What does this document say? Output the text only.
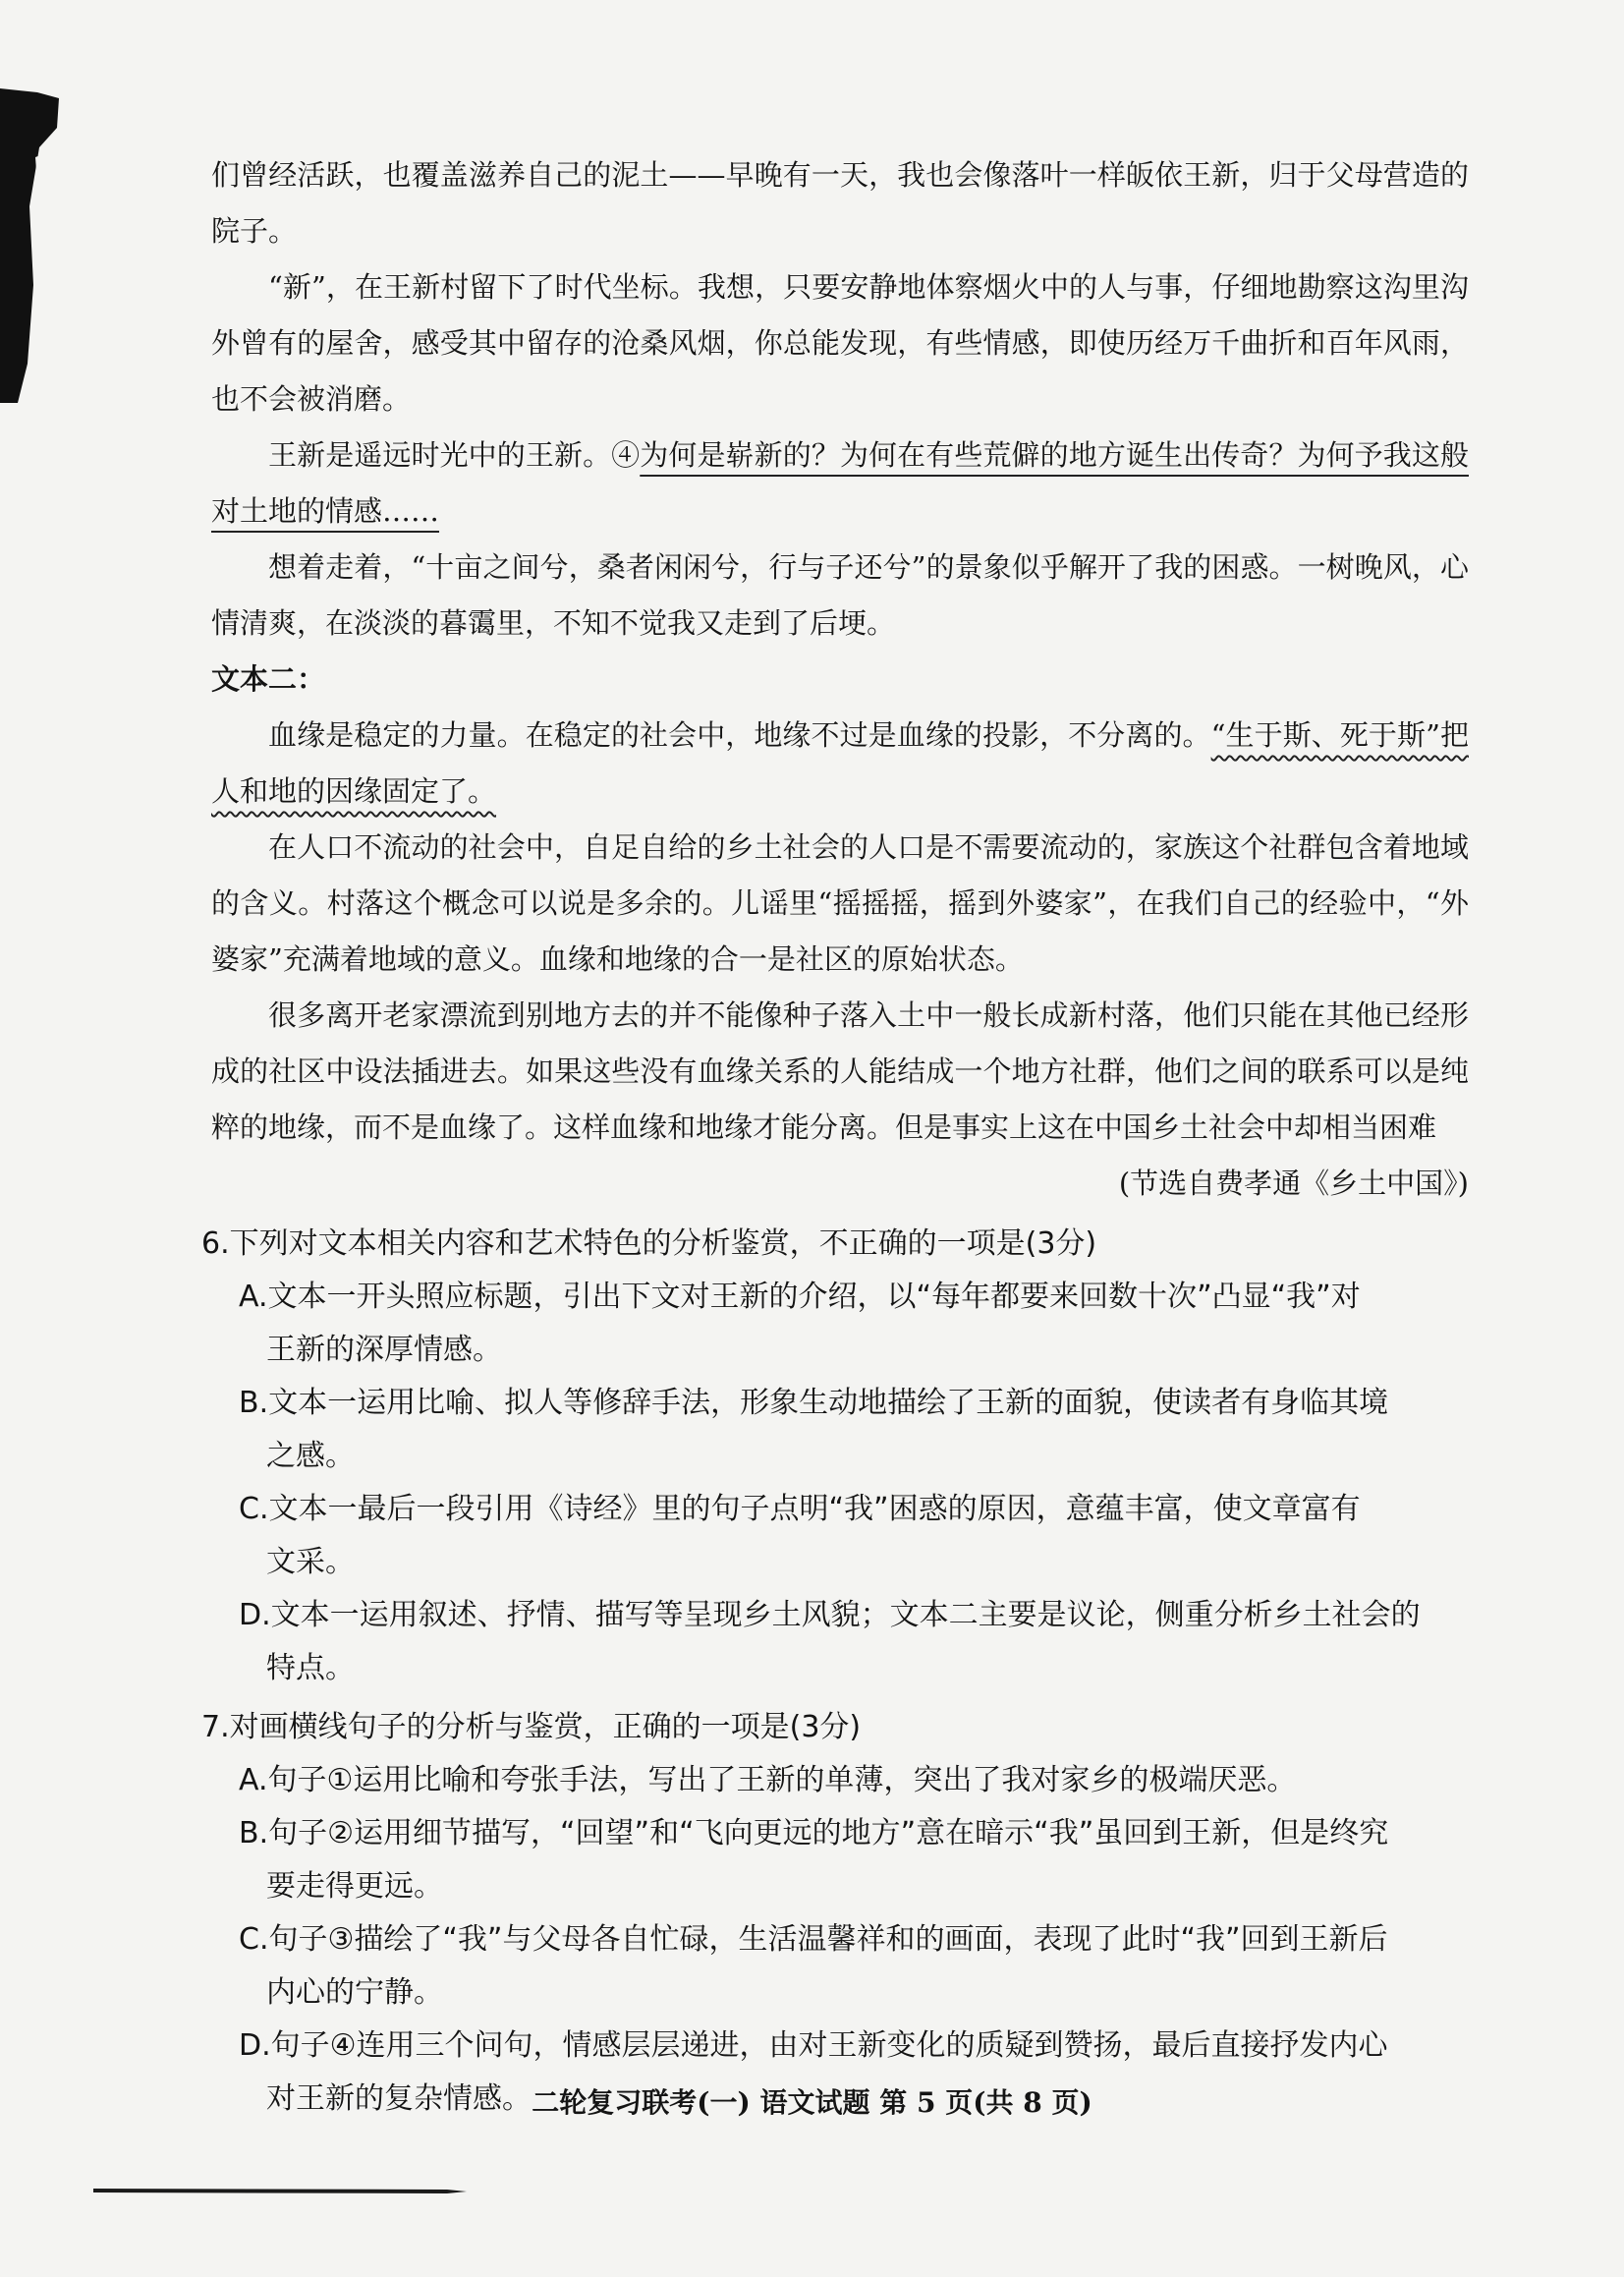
们曾经活跃，也覆盖滋养自己的泥土——早晚有一天，我也会像落叶一样皈依王新，归于父母营造的院子。

“新”，在王新村留下了时代坐标。我想，只要安静地体察烟火中的人与事，仔细地勘察这沟里沟外曾有的屋舍，感受其中留存的沧桑风烟，你总能发现，有些情感，即使历经万千曲折和百年风雨，也不会被消磨。

王新是遥远时光中的王新。④为何是崭新的？为何在有些荒僻的地方诞生出传奇？为何予我这般对土地的情感……

想着走着，“十亩之间兮，桑者闲闲兮，行与子还兮”的景象似乎解开了我的困惑。一树晚风，心情清爽，在淡淡的暮霭里，不知不觉我又走到了后埂。

文本二：

血缘是稳定的力量。在稳定的社会中，地缘不过是血缘的投影，不分离的。“生于斯、死于斯”把人和地的因缘固定了。

在人口不流动的社会中，自足自给的乡土社会的人口是不需要流动的，家族这个社群包含着地域的含义。村落这个概念可以说是多余的。儿谣里“摇摇摇，摇到外婆家”，在我们自己的经验中，“外婆家”充满着地域的意义。血缘和地缘的合一是社区的原始状态。

很多离开老家漂流到别地方去的并不能像种子落入土中一般长成新村落，他们只能在其他已经形成的社区中设法插进去。如果这些没有血缘关系的人能结成一个地方社群，他们之间的联系可以是纯粹的地缘，而不是血缘了。这样血缘和地缘才能分离。但是事实上这在中国乡土社会中却相当困难

(节选自费孝通《乡土中国》)

6.下列对文本相关内容和艺术特色的分析鉴赏，不正确的一项是(3分)

A.文本一开头照应标题，引出下文对王新的介绍，以“每年都要来回数十次”凸显“我”对

王新的深厚情感。

B.文本一运用比喻、拟人等修辞手法，形象生动地描绘了王新的面貌，使读者有身临其境

之感。

C.文本一最后一段引用《诗经》里的句子点明“我”困惑的原因，意蕴丰富，使文章富有

文采。

D.文本一运用叙述、抒情、描写等呈现乡土风貌；文本二主要是议论，侧重分析乡土社会的

特点。

7.对画横线句子的分析与鉴赏，正确的一项是(3分)

A.句子①运用比喻和夸张手法，写出了王新的单薄，突出了我对家乡的极端厌恶。

B.句子②运用细节描写，“回望”和“飞向更远的地方”意在暗示“我”虽回到王新，但是终究

要走得更远。

C.句子③描绘了“我”与父母各自忙碌，生活温馨祥和的画面，表现了此时“我”回到王新后

内心的宁静。

D.句子④连用三个问句，情感层层递进，由对王新变化的质疑到赞扬，最后直接抒发内心

对王新的复杂情感。 二轮复习联考(一) 语文试题 第 5 页(共 8 页)
